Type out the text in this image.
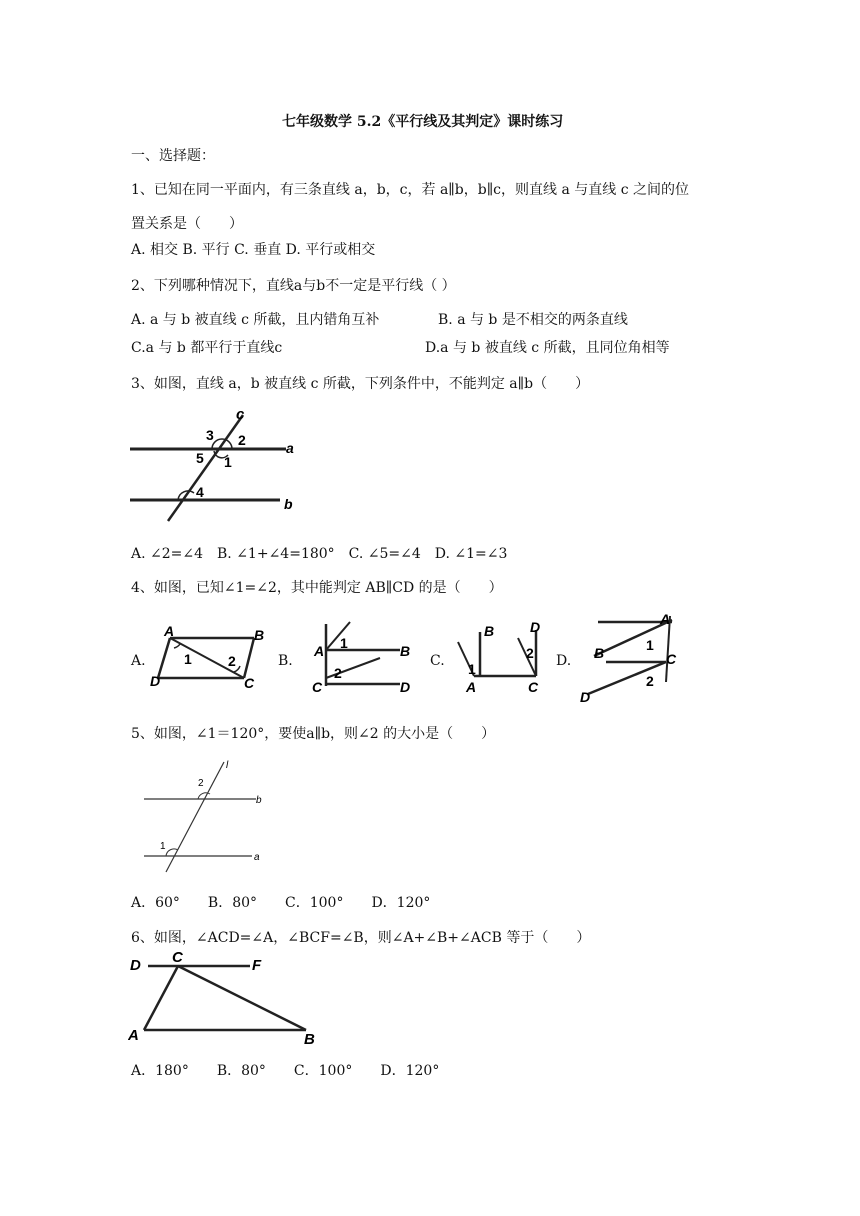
七年级数学 5.2《平行线及其判定》课时练习
一、选择题：
1、已知在同一平面内，有三条直线 a，b，c，若 a∥b，b∥c，则直线 a 与直线 c 之间的位
置关系是（　　）
A. 相交 B. 平行 C. 垂直 D. 平行或相交
2、下列哪种情况下，直线a与b不一定是平行线（ ）
A. a 与 b 被直线 c 所截，且内错角互补	B. a 与 b 是不相交的两条直线
C.a 与 b 都平行于直线c	D.a 与 b 被直线 c 所截，且同位角相等
3、如图，直线 a，b 被直线 c 所截，下列条件中，不能判定 a∥b（　　）
c
a
b
3 2
5 1
4
A. ∠2=∠4　B. ∠1+∠4=180°　C. ∠5=∠4　D. ∠1=∠3
4、如图，已知∠1=∠2，其中能判定 AB∥CD 的是（　　）
A.
A	B
D	C
1	2	B.
A	B
C	D
1
2
C.
B	D
A	C
1
2 D.
A
B	C
D
1
2
5、如图，∠1＝120°，要使a∥b，则∠2 的大小是（　　）
l
b
a
2
1
A．60°　　B．80°　　C．100°　　D．120°
6、如图，∠ACD=∠A，∠BCF=∠B，则∠A+∠B+∠ACB 等于（　　）
D C	F
A	B
A．180°　　B．80°　　C．100°　　D．120°
